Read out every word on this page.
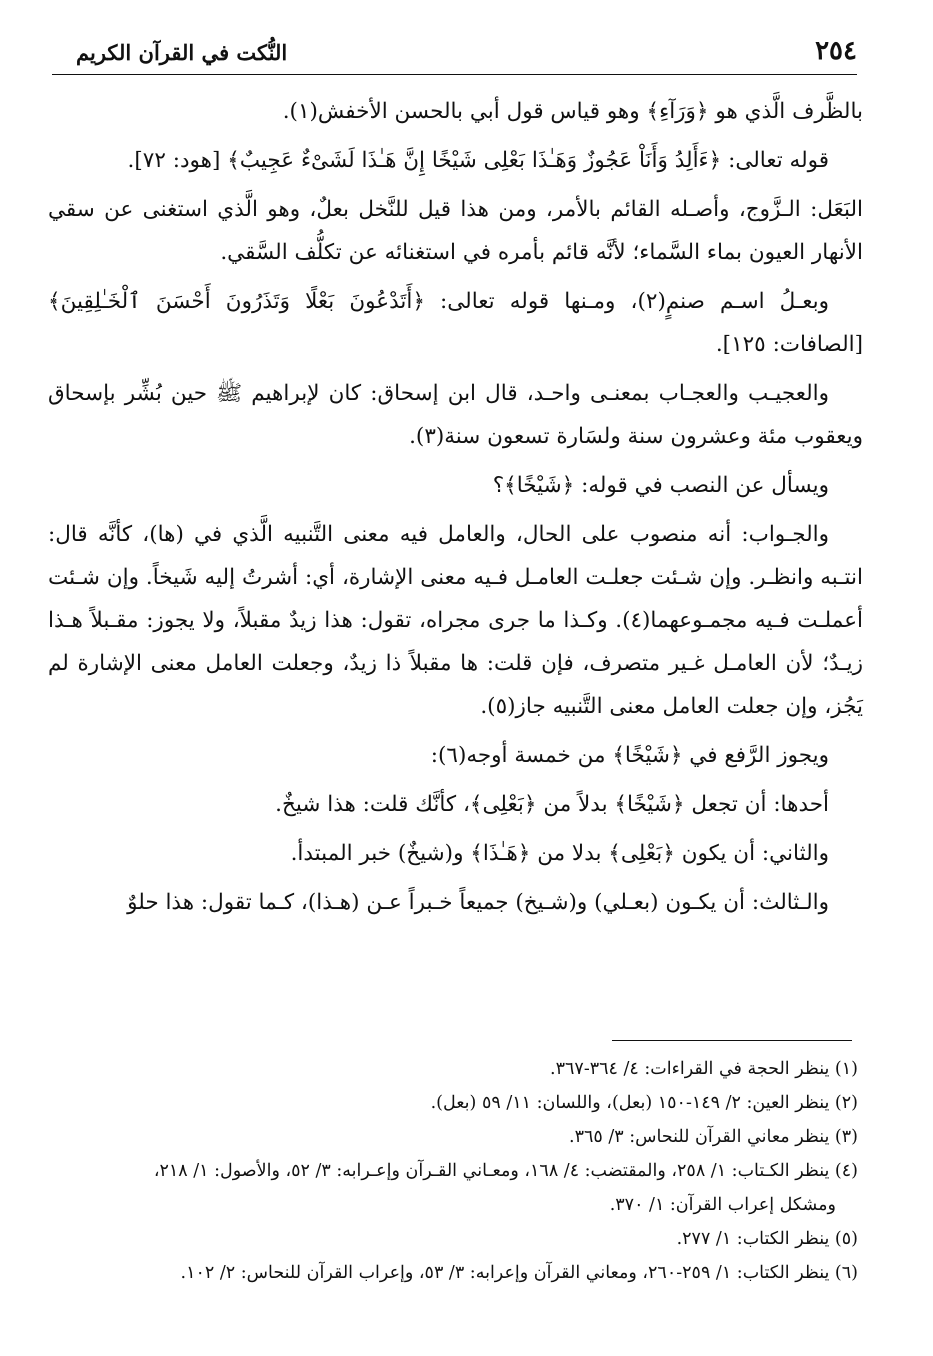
٢٥٤
النُّكت في القرآن الكريم

بالظَّرف الَّذي هو ﴿وَرَآءِ﴾ وهو قياس قول أبي بالحسن الأخفش(١).

قوله تعالى: ﴿ءَأَلِدُ وَأَنَاْ عَجُوزٌ وَهَـٰذَا بَعْلِى شَيْخًا إِنَّ هَـٰذَا لَشَىْءٌ عَجِيبٌ﴾ [هود: ٧٢].

البَعَل: الـزَّوج، وأصـله القائم بالأمر، ومن هذا قيل للنَّخل بعلٌ، وهو الَّذي استغنى عن سقي الأنهار العيون بماء السَّماء؛ لأنَّه قائم بأمره في استغنائه عن تكلُّف السَّقي.

وبعـلُ اسـم صنمٍ(٢)، ومـنها قوله تعالى: ﴿أَتَدْعُونَ بَعْلًا وَتَذَرُونَ أَحْسَنَ ٱلْخَـٰلِقِينَ﴾ [الصافات: ١٢٥].

والعجيـب والعجـاب بمعنـى واحـد، قال ابن إسحاق: كان لإبراهيم ﷺ حين بُشِّر بإسحاق ويعقوب مئة وعشرون سنة ولسَارة تسعون سنة(٣).

ويسأل عن النصب في قوله: ﴿شَيْخًا﴾؟

والجـواب: أنه منصوب على الحال، والعامل فيه معنى التَّنبيه الَّذي في (ها)، كأنَّه قال: انتـبه وانظـر. وإن شـئت جعلـت العامـل فـيه معنى الإشارة، أي: أشرتُ إليه شَيخاً. وإن شـئت أعملـت فـيه مجمـوعهما(٤). وكـذا ما جرى مجراه، تقول: هذا زيدٌ مقبلاً، ولا يجوز: مقـبلاً هـذا زيـدٌ؛ لأن العامـل غـير متصرف، فإن قلت: ها مقبلاً ذا زيدٌ، وجعلت العامل معنى الإشارة لم يَجُز، وإن جعلت العامل معنى التَّنبيه جاز(٥).

ويجوز الرَّفع في ﴿شَيْخًا﴾ من خمسة أوجه(٦):

أحدها: أن تجعل ﴿شَيْخًا﴾ بدلاً من ﴿بَعْلِى﴾، كأنَّك قلت: هذا شيخٌ.

والثاني: أن يكون ﴿بَعْلِى﴾ بدلا من ﴿هَـٰذَا﴾ و(شيخٌ) خبر المبتدأ.

والـثالث: أن يكـون (بعـلي) و(شـيخ) جميعاً خـبراً عـن (هـذا)، كـما تقول: هذا حلوٌ

(١) ينظر الحجة في القراءات: ٤/ ٣٦٤-٣٦٧.

(٢) ينظر العين: ٢/ ١٤٩-١٥٠ (بعل)، واللسان: ١١/ ٥٩ (بعل).

(٣) ينظر معاني القرآن للنحاس: ٣/ ٣٦٥.

(٤) ينظر الكـتاب: ١/ ٢٥٨، والمقتضب: ٤/ ١٦٨، ومعـاني القـرآن وإعـرابه: ٣/ ٥٢، والأصول: ١/ ٢١٨،

ومشكل إعراب القرآن: ١/ ٣٧٠.

(٥) ينظر الكتاب: ١/ ٢٧٧.

(٦) ينظر الكتاب: ١/ ٢٥٩-٢٦٠، ومعاني القرآن وإعرابه: ٣/ ٥٣، وإعراب القرآن للنحاس: ٢/ ١٠٢.
